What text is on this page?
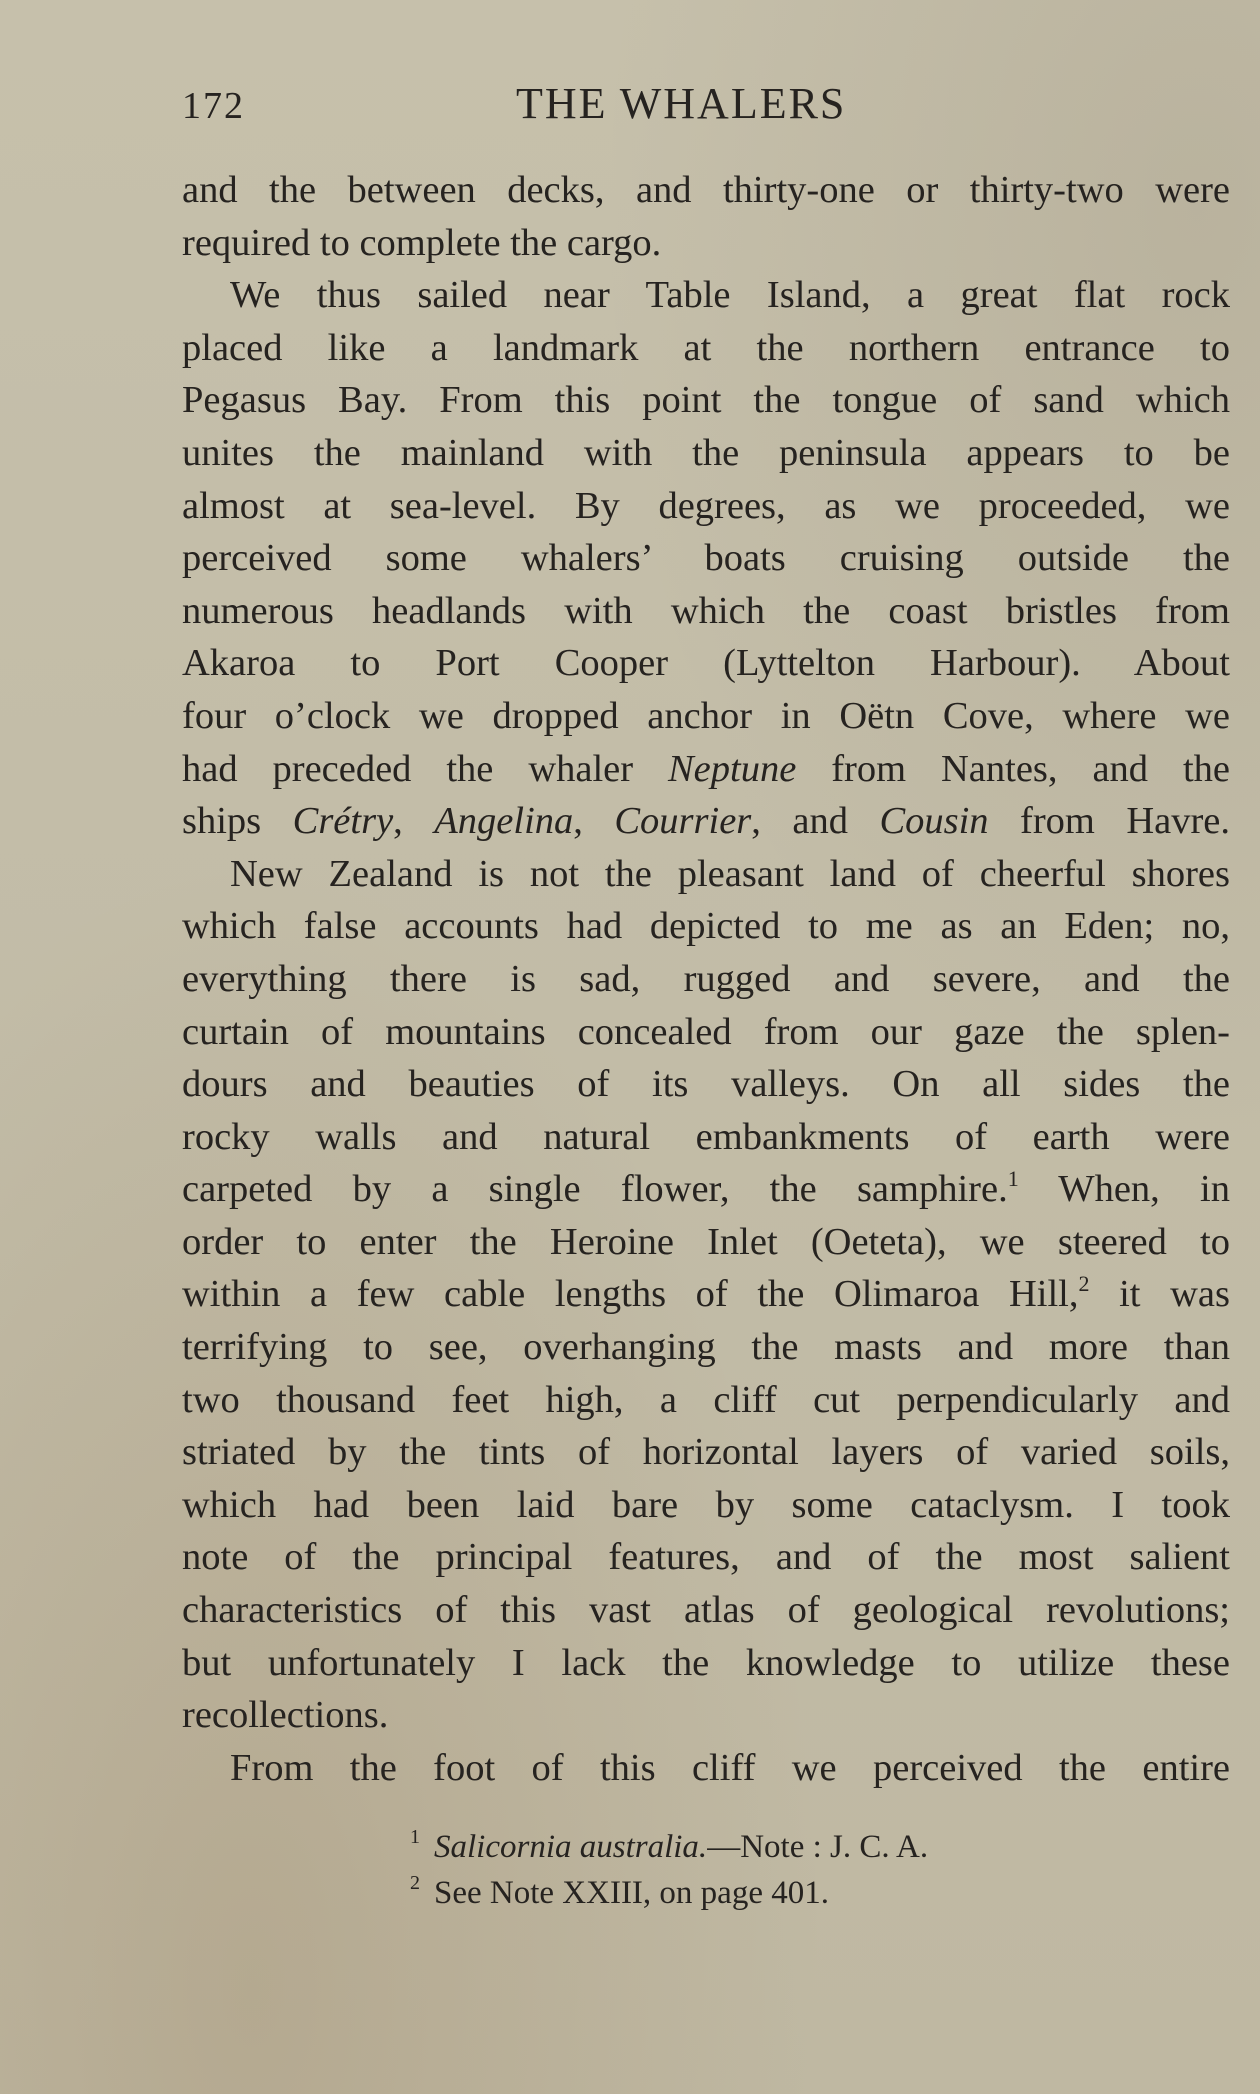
172	THE WHALERS
and the between decks, and thirty-one or thirty-two were
required to complete the cargo.
We thus sailed near Table Island, a great flat rock
placed like a landmark at the northern entrance to
Pegasus Bay. From this point the tongue of sand which
unites the mainland with the peninsula appears to be
almost at sea-level. By degrees, as we proceeded, we
perceived some whalers’ boats cruising outside the
numerous headlands with which the coast bristles from
Akaroa to Port Cooper (Lyttelton Harbour). About
four o’clock we dropped anchor in Oëtn Cove, where we
had preceded the whaler Neptune from Nantes, and the
ships Crétry, Angelina, Courrier, and Cousin from Havre.
New Zealand is not the pleasant land of cheerful shores
which false accounts had depicted to me as an Eden; no,
everything there is sad, rugged and severe, and the
curtain of mountains concealed from our gaze the splen-
dours and beauties of its valleys. On all sides the
rocky walls and natural embankments of earth were
carpeted by a single flower, the samphire.$^1$ When, in
order to enter the Heroine Inlet (Oeteta), we steered to
within a few cable lengths of the Olimaroa Hill,$^2$ it was
terrifying to see, overhanging the masts and more than
two thousand feet high, a cliff cut perpendicularly and
striated by the tints of horizontal layers of varied soils,
which had been laid bare by some cataclysm. I took
note of the principal features, and of the most salient
characteristics of this vast atlas of geological revolutions;
but unfortunately I lack the knowledge to utilize these
recollections.
From the foot of this cliff we perceived the entire
$^1$ Salicornia australia.—Note : J. C. A.
$^2$ See Note XXIII, on page 401.
